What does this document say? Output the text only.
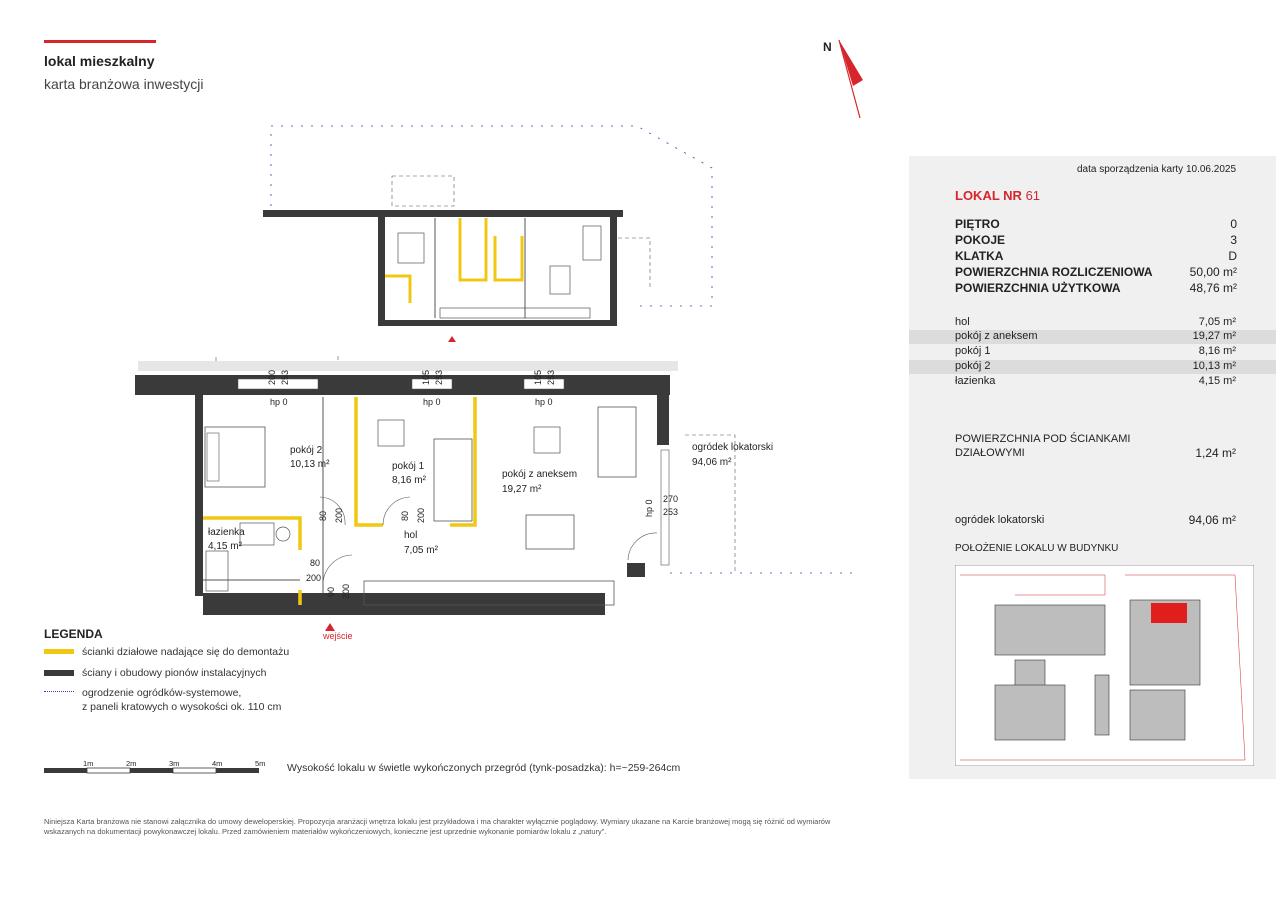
lokal mieszkalny
karta branżowa inwestycji
N
pokój 2
10,13 m²	pokój 1
8,16 m²
pokój z aneksem
19,27 m²
łazienka
4,15 m²
hol
7,05 m²
ogródek lokatorski
94,06 m²
hp 0	hp 0	hp 0
hp 0
200 253	105 253	105 253
80 200	80 200
80
200
90 200
270
253
wejście
LEGENDA
ścianki działowe nadające się do demontażu
ściany i obudowy pionów instalacyjnych
ogrodzenie ogródków-systemowe,
z paneli kratowych o wysokości ok. 110 cm
1m	2m	3m	4m	5m Wysokość lokalu w świetle wykończonych przegród (tynk-posadzka): h=~259-264cm
Niniejsza Karta branżowa nie stanowi załącznika do umowy deweloperskiej. Propozycja aranżacji wnętrza lokalu jest przykładowa i ma charakter wyłącznie poglądowy. Wymiary ukazane na Karcie branżowej mogą się różnić od wymiarów wskazanych na dokumentacji powykonawczej lokalu. Przed zamówieniem materiałów wykończeniowych, konieczne jest uprzednie wykonanie pomiarów lokalu z „natury”.
data sporządzenia karty 10.06.2025
LOKAL NR 61
PIĘTRO	0
POKOJE	3
KLATKA	D
POWIERZCHNIA ROZLICZENIOWA	50,00 m²
POWIERZCHNIA UŻYTKOWA	48,76 m²
hol	7,05 m²
pokój z aneksem	19,27 m²
pokój 1	8,16 m²
pokój 2	10,13 m²
łazienka	4,15 m²
POWIERZCHNIA POD ŚCIANKAMI
DZIAŁOWYMI	1,24 m²
ogródek lokatorski	94,06 m²
POŁOŻENIE LOKALU W BUDYNKU
